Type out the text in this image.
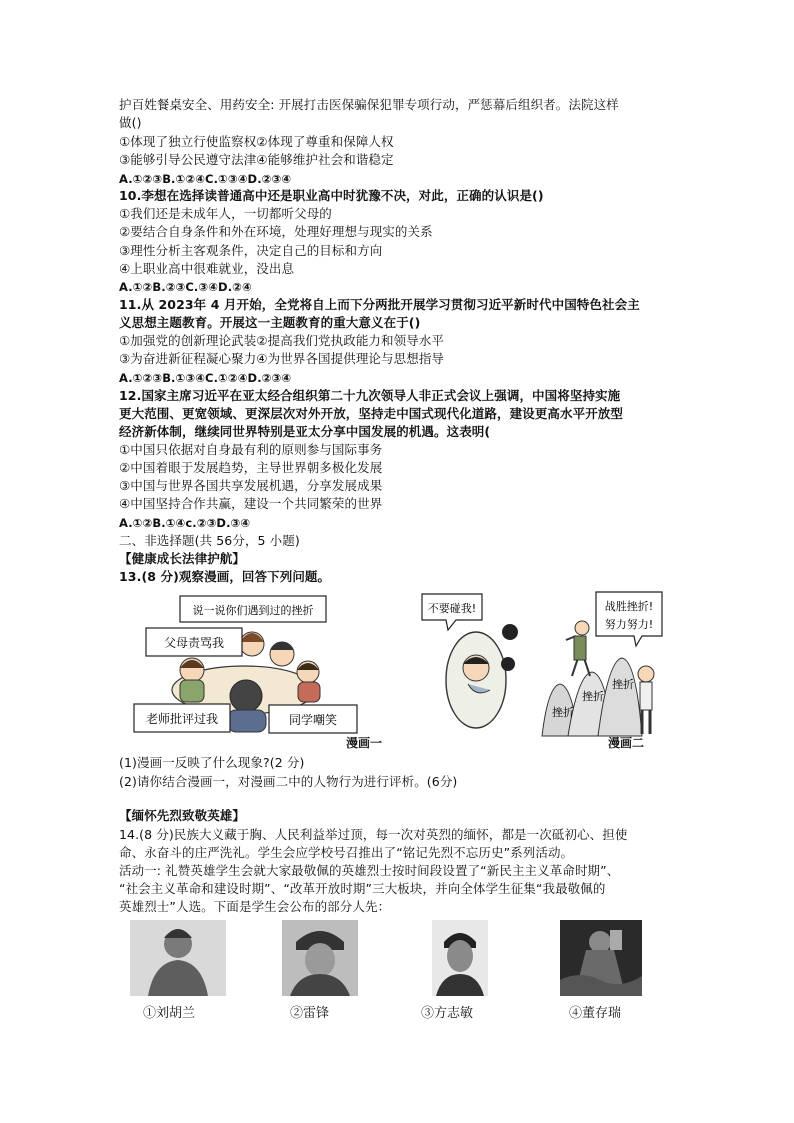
护百姓餐桌安全、用药安全: 开展打击医保骗保犯罪专项行动，严惩幕后组织者。法院这样
做()
①体现了独立行使监察权②体现了尊重和保障人权
③能够引导公民遵守法津④能够维护社会和谐稳定
A.①②③B.①②④C.①③④D.②③④
10.李想在选择读普通高中还是职业高中时犹豫不决，对此，正确的认识是()
①我们还是未成年人，一切都听父母的
②要结合自身条件和外在环境，处理好理想与现实的关系
③理性分析主客观条件，决定自己的目标和方向
④上职业高中很难就业，没出息
A.①②B.②③C.③④D.②④
11.从 2023年 4 月开始，全党将自上而下分两批开展学习贯彻习近平新时代中国特色社会主
义思想主题教育。开展这一主题教育的重大意义在于()
①加强党的创新理论武装②提高我们党执政能力和领导水平
③为奋进新征程凝心聚力④为世界各国提供理论与思想指导
A.①②③B.①③④C.①②④D.②③④
12.国家主席习近平在亚太经合组织第二十九次领导人非正式会议上强调，中国将坚持实施
更大范围、更宽领域、更深层次对外开放，坚持走中国式现代化道路，建设更高水平开放型
经济新体制，继续同世界特别是亚太分享中国发展的机遇。这表明(
①中国只依据对自身最有利的原则参与国际事务
②中国着眼于发展趋势，主导世界朝多极化发展
③中国与世界各国共享发展机遇，分享发展成果
④中国坚持合作共赢，建设一个共同繁荣的世界
A.①②B.①④c.②③D.③④
二、非选择题(共 56分，5 小题)
【健康成长法律护航】
13.(8 分)观察漫画，回答下列问题。
说一说你们遇到过的挫折
父母责骂我
老师批评过我	同学嘲笑
漫画一
不要碰我!
挫折
挫折
挫折
战胜挫折!
努力努力!
漫画二
(1)漫画一反映了什么现象?(2 分)
(2)请你结合漫画一，对漫画二中的人物行为进行评析。(6分)
【缅怀先烈致敬英雄】
14.(8 分)民族大义藏于胸、人民利益举过顶，每一次对英烈的缅怀，都是一次砥初心、担使
命、永奋斗的庄严洗礼。学生会应学校号召推出了“铭记先烈不忘历史”系列活动。
活动一: 礼赞英雄学生会就大家最敬佩的英雄烈士按时间段设置了“新民主主义革命时期”、
“社会主义革命和建设时期”、“改革开放时期”三大板块，并向全体学生征集“我最敬佩的
英雄烈士”人选。下面是学生会公布的部分人先：
①刘胡兰	②雷锋	③方志敏	④董存瑞
